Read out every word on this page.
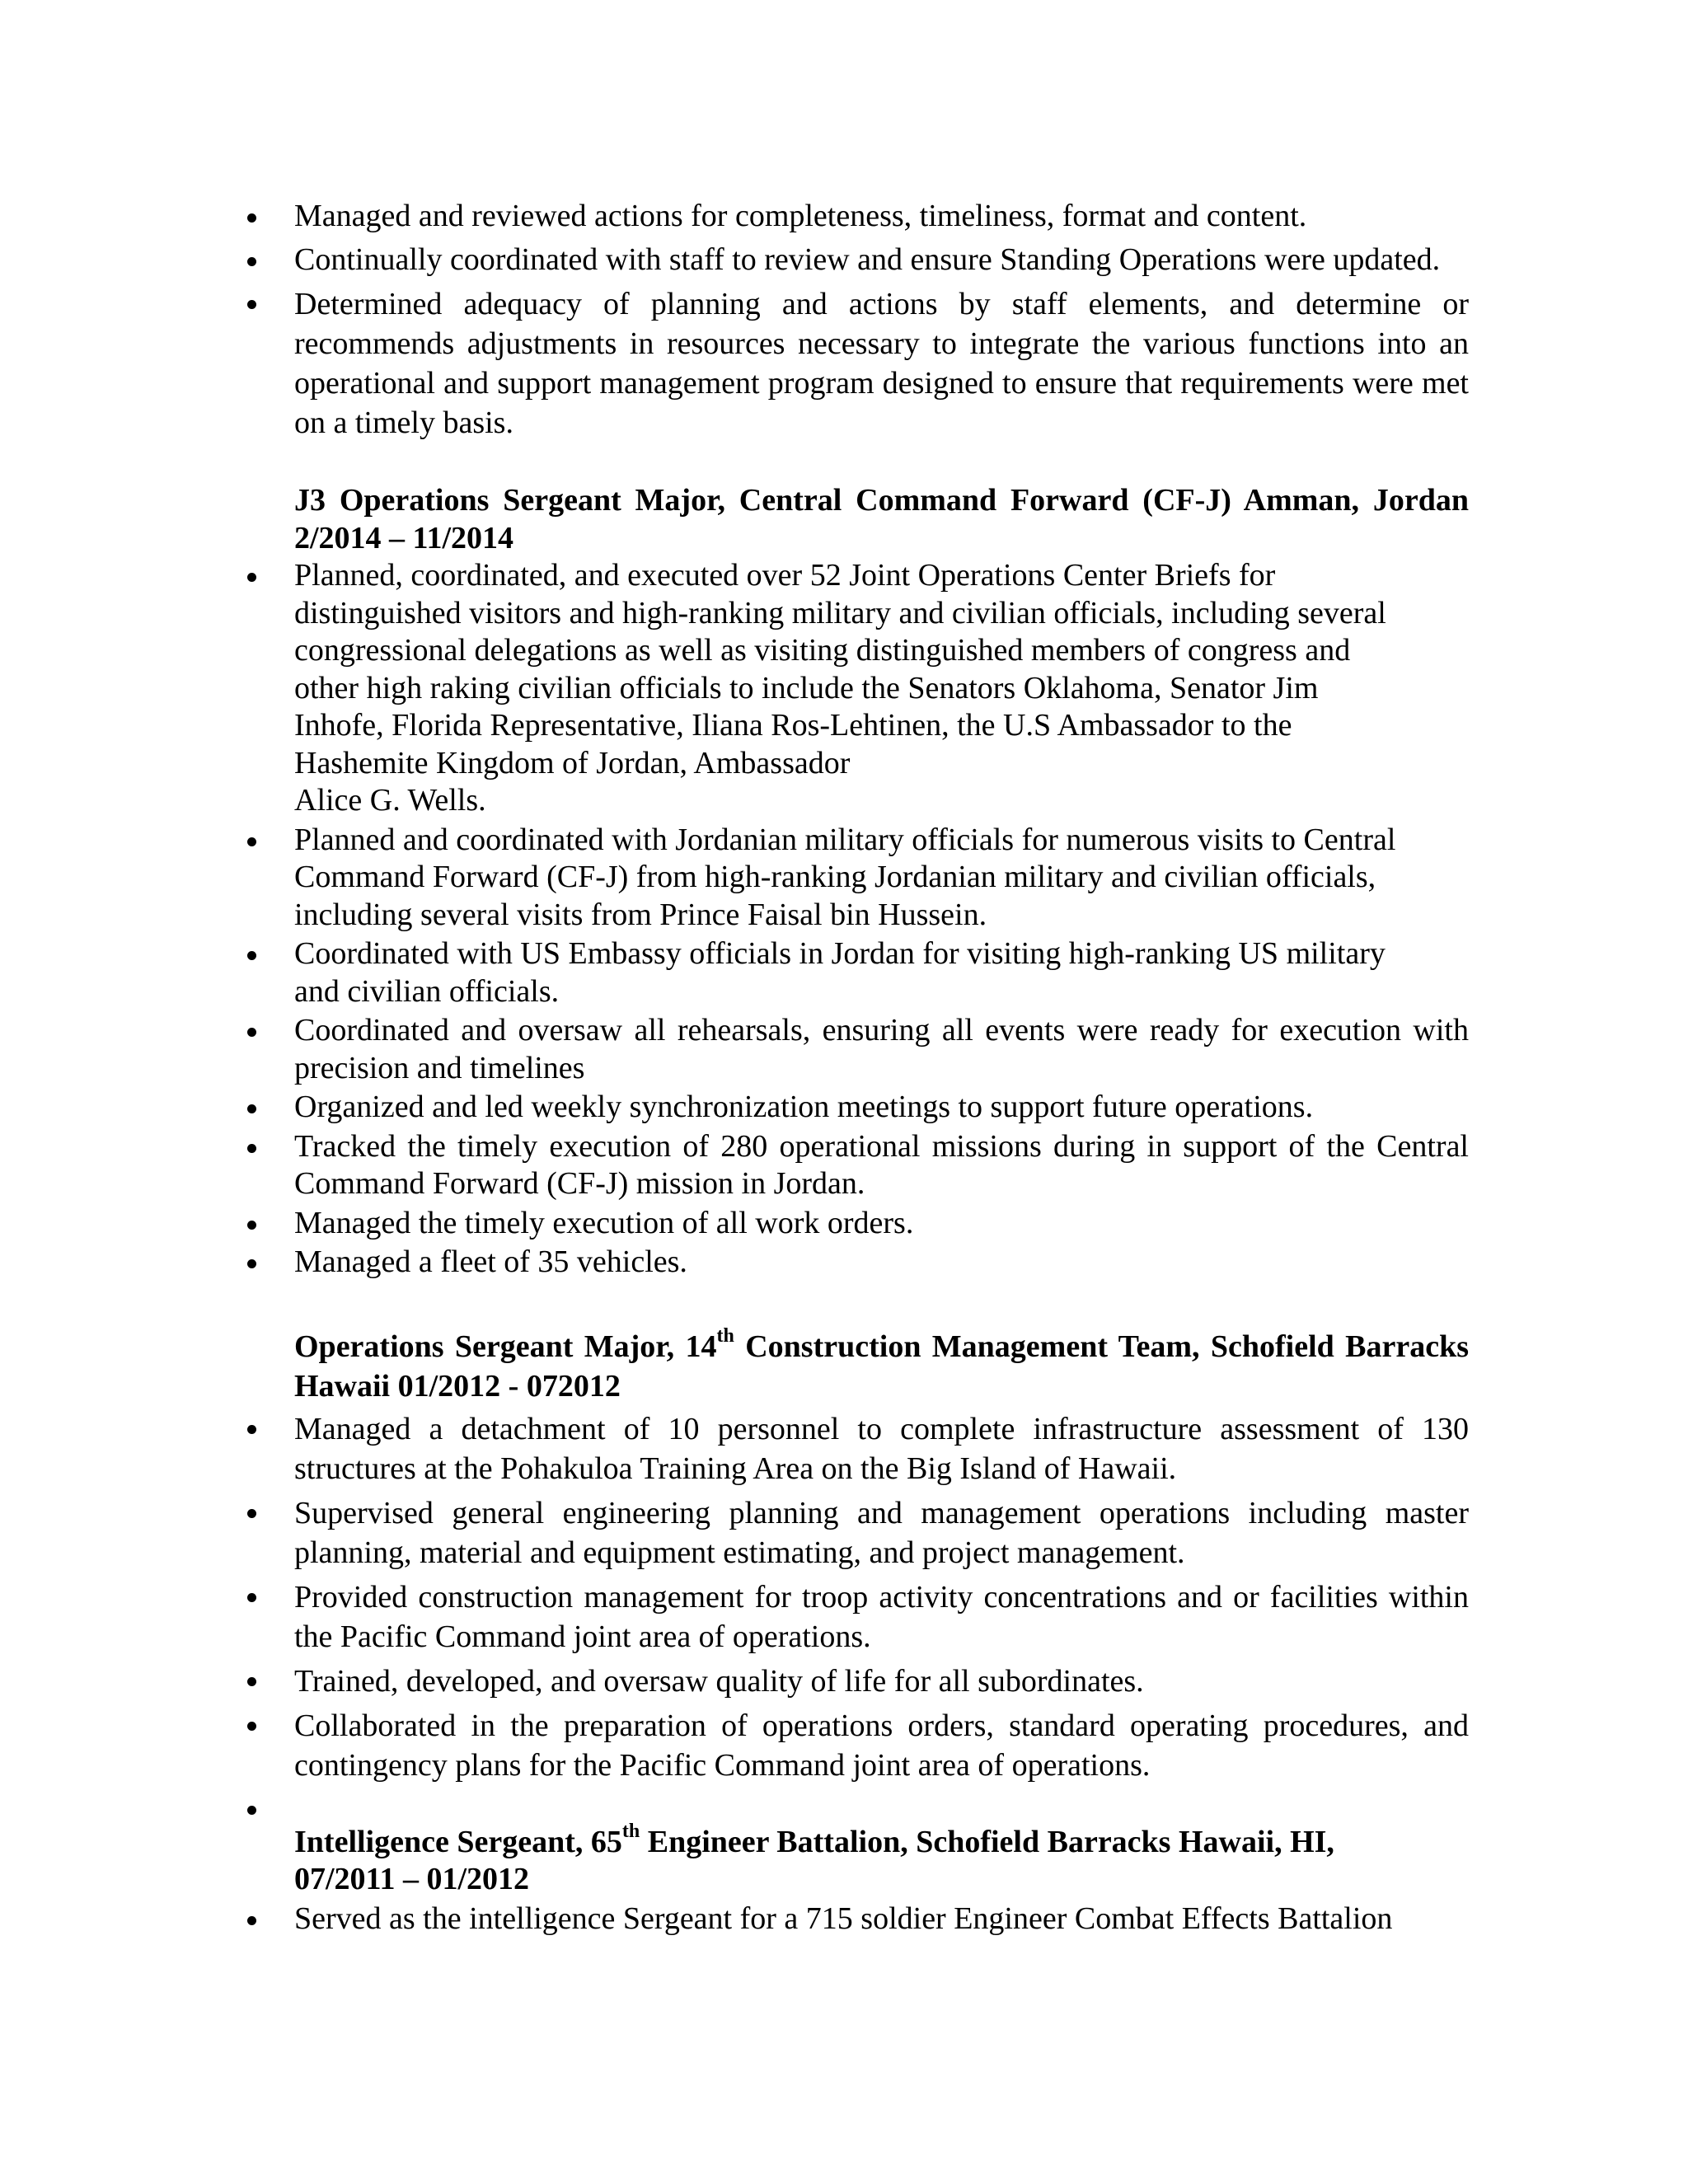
Managed and reviewed actions for completeness, timeliness, format and content.
Continually coordinated with staff to review and ensure Standing Operations were updated.
Determined adequacy of planning and actions by staff elements, and determine or recommends adjustments in resources necessary to integrate the various functions into an operational and support management program designed to ensure that requirements were met on a timely basis.
J3 Operations Sergeant Major, Central Command Forward (CF-J) Amman, Jordan 2/2014 – 11/2014
Planned, coordinated, and executed over 52 Joint Operations Center Briefs for
distinguished visitors and high-ranking military and civilian officials, including several
congressional delegations as well as visiting distinguished members of congress and
other high raking civilian officials to include the Senators Oklahoma, Senator Jim
Inhofe, Florida Representative, Iliana Ros-Lehtinen, the U.S Ambassador to the
Hashemite Kingdom of Jordan, Ambassador
Alice G. Wells.
Planned and coordinated with Jordanian military officials for numerous visits to Central
Command Forward (CF-J) from high-ranking Jordanian military and civilian officials,
including several visits from Prince Faisal bin Hussein.
Coordinated with US Embassy officials in Jordan for visiting high-ranking US military
and civilian officials.
Coordinated and oversaw all rehearsals, ensuring all events were ready for execution with precision and timelines
Organized and led weekly synchronization meetings to support future operations.
Tracked the timely execution of 280 operational missions during in support of the Central Command Forward (CF-J) mission in Jordan.
Managed the timely execution of all work orders.
Managed a fleet of 35 vehicles.
Operations Sergeant Major, 14th Construction Management Team, Schofield Barracks Hawaii 01/2012 - 072012
Managed a detachment of 10 personnel to complete infrastructure assessment of 130 structures at the Pohakuloa Training Area on the Big Island of Hawaii.
Supervised general engineering planning and management operations including master planning, material and equipment estimating, and project management.
Provided construction management for troop activity concentrations and or facilities within the Pacific Command joint area of operations.
Trained, developed, and oversaw quality of life for all subordinates.
Collaborated in the preparation of operations orders, standard operating procedures, and contingency plans for the Pacific Command joint area of operations.

Intelligence Sergeant, 65th Engineer Battalion, Schofield Barracks Hawaii, HI,
07/2011 – 01/2012
Served as the intelligence Sergeant for a 715 soldier Engineer Combat Effects Battalion
